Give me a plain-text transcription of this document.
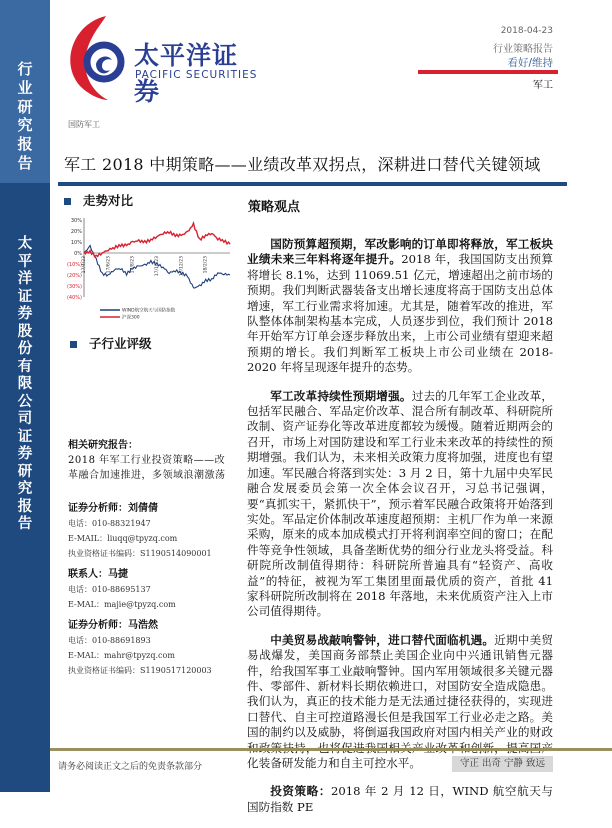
行业研究报告
太平洋证券股份有限公司证券研究报告
太平洋证券
PACIFIC SECURITIES
2018-04-23
行业策略报告
看好/维持
军工
国防军工
军工 2018 中期策略——业绩改革双拐点，深耕进口替代关键领域
走势对比
30%
20%
10%
0%
(10%)
(20%)
(30%)
(40%)
17/4/23	17/6/23	17/8/23	17/10/23	17/12/23	18/2/23
WIND航空航天与国防指数
沪深300
子行业评级
相关研究报告：
2018 年军工行业投资策略——改革融合加速推进，多领域浪潮激荡
证券分析师：刘倩倩
电话：010-88321947
E-MAIL：liuqq@tpyzq.com
执业资格证书编码：S1190514090001
联系人：马捷
电话：010-88695137
E-MAL：majie@tpyzq.com
证券分析师：马浩然
电话：010-88691893
E-MAL：mahr@tpyzq.com
执业资格证书编码：S1190517120003
策略观点

国防预算超预期，军改影响的订单即将释放，军工板块业绩未来三年料将逐年提升。2018 年，我国国防支出预算将增长 8.1%，达到 11069.51 亿元，增速超出之前市场的预期。我们判断武器装备支出增长速度将高于国防支出总体增速，军工行业需求将加速。尤其是，随着军改的推进，军队整体体制架构基本完成，人员逐步到位，我们预计 2018 年开始军方订单会逐步释放出来，上市公司业绩有望迎来超预期的增长。我们判断军工板块上市公司业绩在 2018-2020 年将呈现逐年提升的态势。

军工改革持续性预期增强。过去的几年军工企业改革，包括军民融合、军品定价改革、混合所有制改革、科研院所改制、资产证券化等改革进度都较为缓慢。随着近期两会的召开，市场上对国防建设和军工行业未来改革的持续性的预期增强。我们认为，未来相关政策力度将加强，进度也有望加速。军民融合将落到实处：3 月 2 日，第十九届中央军民融合发展委员会第一次全体会议召开，习总书记强调，要“真抓实干，紧抓快干”，预示着军民融合政策将开始落到实处。军品定价体制改革速度超预期：主机厂作为单一来源采购，原来的成本加成模式打开将利润率空间的窗口；在配件等竞争性领域，具备垄断优势的细分行业龙头将受益。科研院所改制值得期待：科研院所普遍具有“轻资产、高收益”的特征，被视为军工集团里面最优质的资产，首批 41 家科研院所改制将在 2018 年落地，未来优质资产注入上市公司值得期待。

中美贸易战敲响警钟，进口替代面临机遇。近期中美贸易战爆发，美国商务部禁止美国企业向中兴通讯销售元器件，给我国军事工业敲响警钟。国内军用领域很多关键元器件、零部件、新材料长期依赖进口，对国防安全造成隐患。我们认为，真正的技术能力是无法通过捷径获得的，实现进口替代、自主可控道路漫长但是我国军工行业必走之路。美国的制约以及威胁，将倒逼我国政府对国内相关产业的财政 化装备研发能力和自主可控水平。

投资策略：2018 年 2 月 12 日，WIND 航空航天与国防指数 PE

请务必阅读正文之后的免责条款部分	守正 出奇 宁静 致远
